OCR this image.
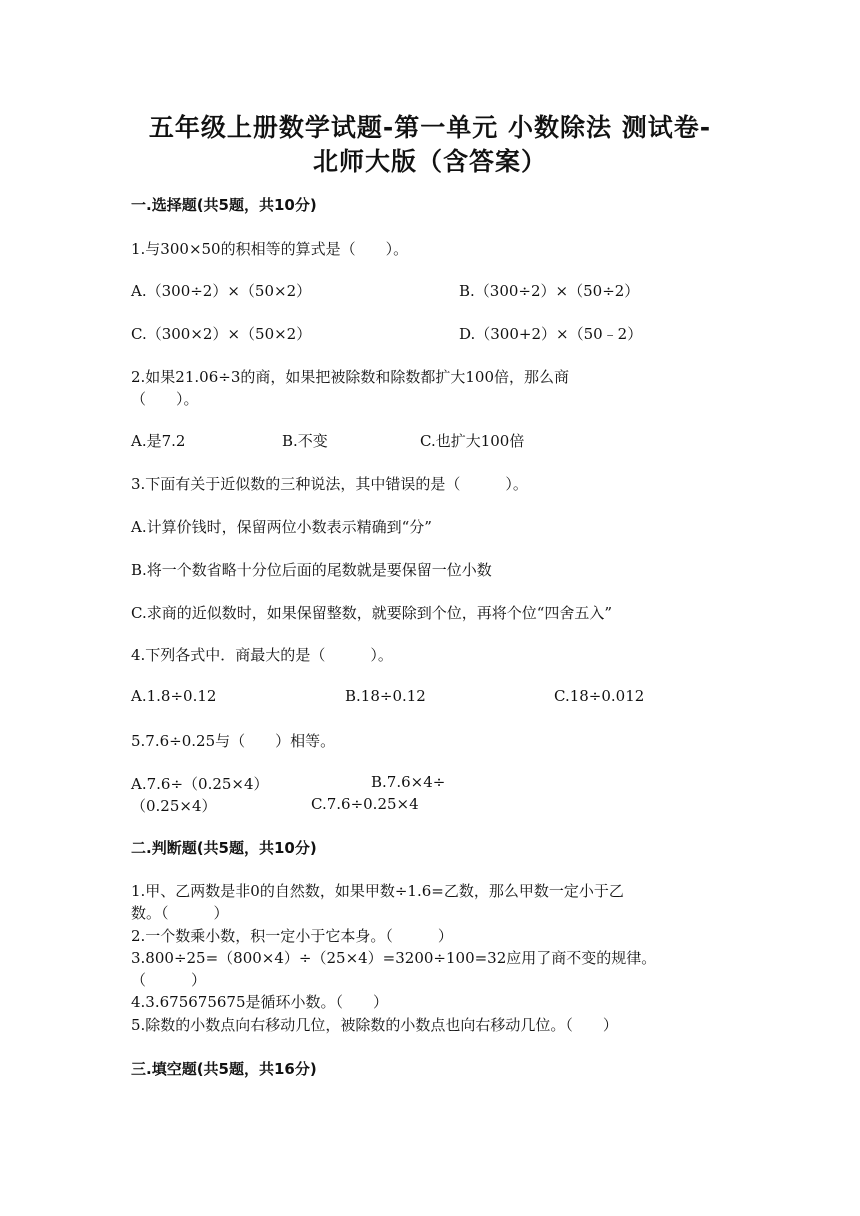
五年级上册数学试题-第一单元 小数除法 测试卷-
北师大版（含答案）
一.选择题(共5题，共10分)
1.与300×50的积相等的算式是（　　）。
A.（300÷2）×（50×2）	B.（300÷2）×（50÷2）
C.（300×2）×（50×2）	D.（300+2）×（50﹣2）
2.如果21.06÷3的商，如果把被除数和除数都扩大100倍，那么商
（　　）。
A.是7.2	B.不变	C.也扩大100倍
3.下面有关于近似数的三种说法，其中错误的是（　　　）。
A.计算价钱时，保留两位小数表示精确到“分”
B.将一个数省略十分位后面的尾数就是要保留一位小数
C.求商的近似数时，如果保留整数，就要除到个位，再将个位“四舍五入”
4.下列各式中．商最大的是（　　　）。
A.1.8÷0.12	B.18÷0.12	C.18÷0.012
5.7.6÷0.25与（　　）相等。
A.7.6÷（0.25×4）	B.7.6×4÷
（0.25×4）	C.7.6÷0.25×4
二.判断题(共5题，共10分)
1.甲、乙两数是非0的自然数，如果甲数÷1.6=乙数，那么甲数一定小于乙
数。（　　　）
2.一个数乘小数，积一定小于它本身。（　　　）
3.800÷25=（800×4）÷（25×4）=3200÷100=32应用了商不变的规律。
（　　　）
4.3.675675675是循环小数。（　　）
5.除数的小数点向右移动几位，被除数的小数点也向右移动几位。（　　）
三.填空题(共5题，共16分)
